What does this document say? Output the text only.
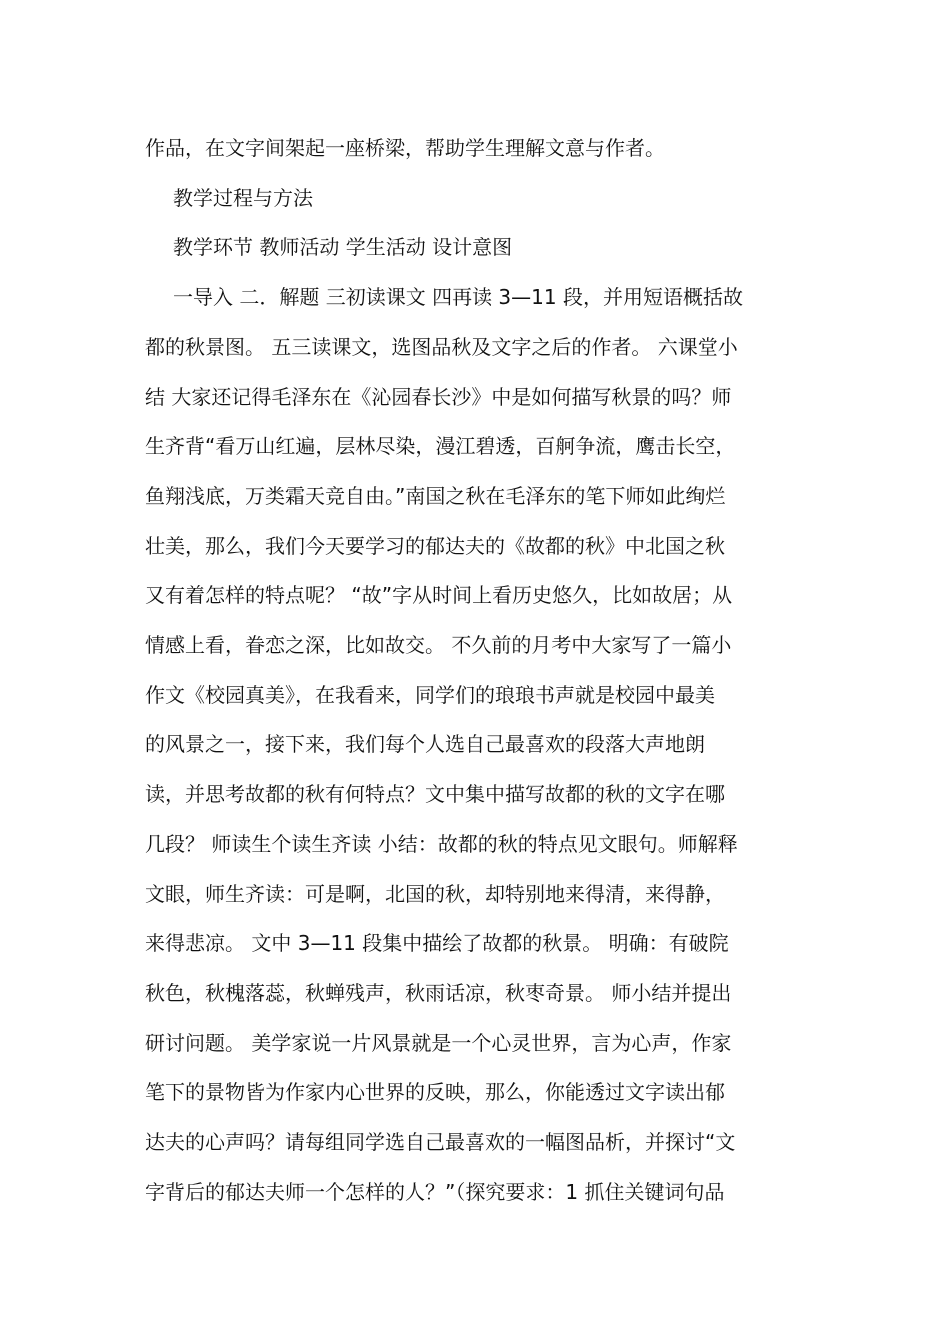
作品，在文字间架起一座桥梁，帮助学生理解文意与作者。

教学过程与方法

教学环节 教师活动 学生活动 设计意图

一导入 二．解题 三初读课文 四再读 3—11 段，并用短语概括故
都的秋景图。 五三读课文，选图品秋及文字之后的作者。 六课堂小
结 大家还记得毛泽东在《沁园春长沙》中是如何描写秋景的吗？师
生齐背“看万山红遍，层林尽染，漫江碧透，百舸争流，鹰击长空，
鱼翔浅底，万类霜天竞自由。”南国之秋在毛泽东的笔下师如此绚烂
壮美，那么，我们今天要学习的郁达夫的《故都的秋》中北国之秋
又有着怎样的特点呢？ “故”字从时间上看历史悠久，比如故居；从
情感上看，眷恋之深，比如故交。 不久前的月考中大家写了一篇小
作文《校园真美》，在我看来，同学们的琅琅书声就是校园中最美
的风景之一，接下来，我们每个人选自己最喜欢的段落大声地朗
读，并思考故都的秋有何特点？文中集中描写故都的秋的文字在哪
几段？ 师读生个读生齐读 小结：故都的秋的特点见文眼句。师解释
文眼，师生齐读：可是啊，北国的秋，却特别地来得清，来得静，
来得悲凉。 文中 3—11 段集中描绘了故都的秋景。 明确：有破院
秋色，秋槐落蕊，秋蝉残声，秋雨话凉，秋枣奇景。 师小结并提出
研讨问题。 美学家说一片风景就是一个心灵世界，言为心声，作家
笔下的景物皆为作家内心世界的反映，那么，你能透过文字读出郁
达夫的心声吗？请每组同学选自己最喜欢的一幅图品析，并探讨“文
字背后的郁达夫师一个怎样的人？”（探究要求：1 抓住关键词句品
